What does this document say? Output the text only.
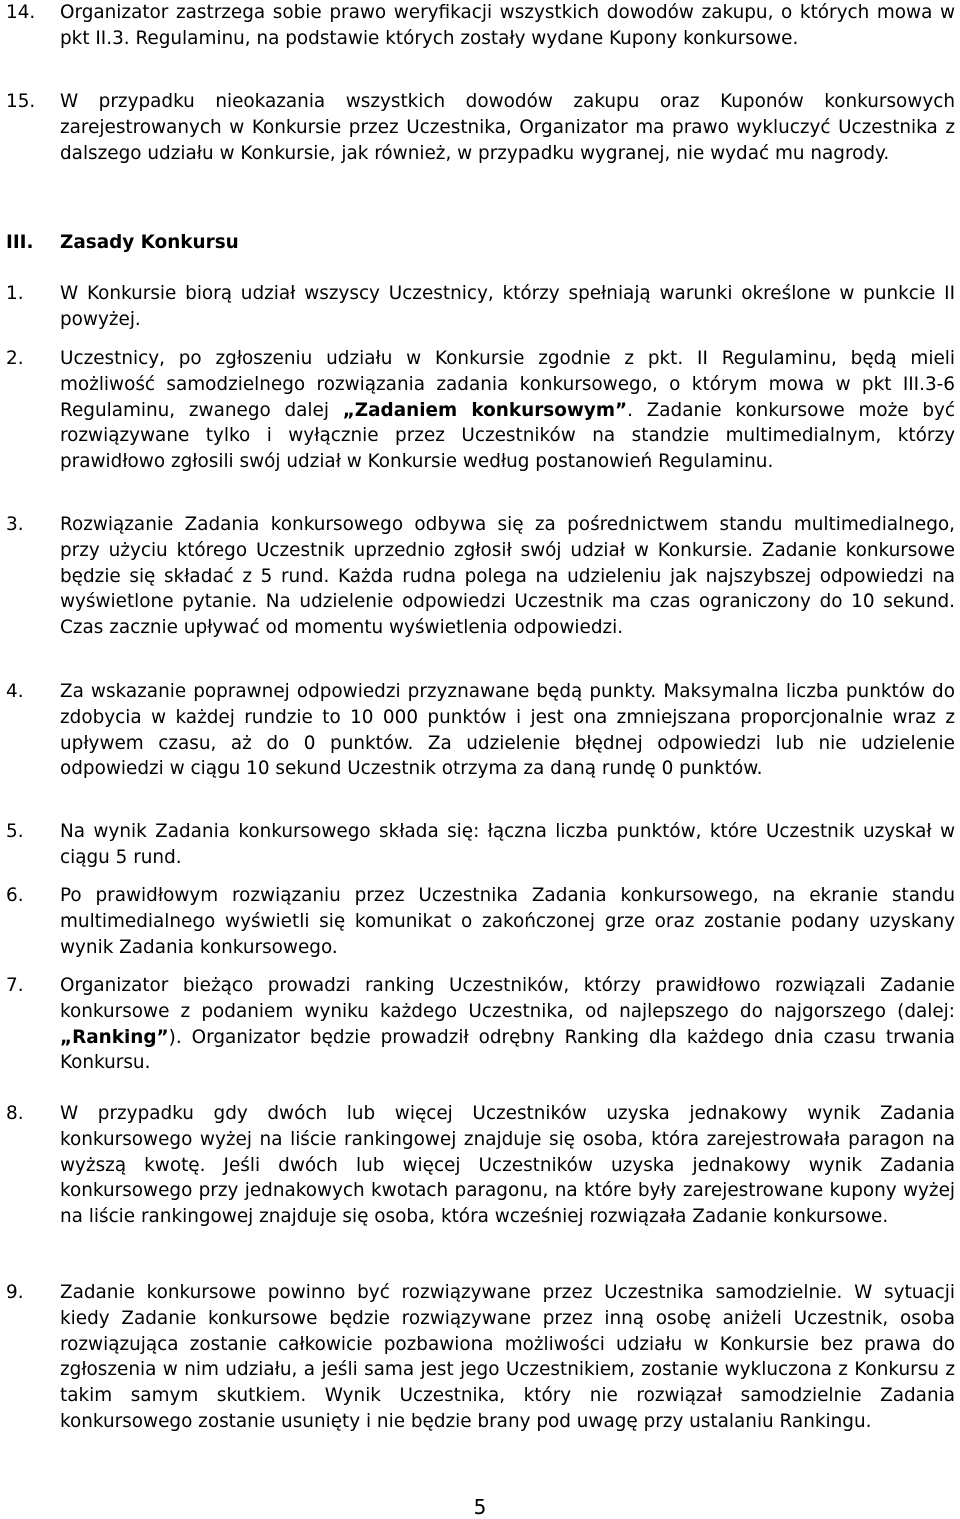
14. Organizator zastrzega sobie prawo weryfikacji wszystkich dowodów zakupu, o których mowa w pkt II.3. Regulaminu, na podstawie których zostały wydane Kupony konkursowe.
15. W przypadku nieokazania wszystkich dowodów zakupu oraz Kuponów konkursowych zarejestrowanych w Konkursie przez Uczestnika, Organizator ma prawo wykluczyć Uczestnika z dalszego udziału w Konkursie, jak również, w przypadku wygranej, nie wydać mu nagrody.
III. Zasady Konkursu
1. W Konkursie biorą udział wszyscy Uczestnicy, którzy spełniają warunki określone w punkcie II powyżej.
2. Uczestnicy, po zgłoszeniu udziału w Konkursie zgodnie z pkt. II Regulaminu, będą mieli możliwość samodzielnego rozwiązania zadania konkursowego, o którym mowa w pkt III.3-6 Regulaminu, zwanego dalej „Zadaniem konkursowym”. Zadanie konkursowe może być rozwiązywane tylko i wyłącznie przez Uczestników na standzie multimedialnym, którzy prawidłowo zgłosili swój udział w Konkursie według postanowień Regulaminu.
3. Rozwiązanie Zadania konkursowego odbywa się za pośrednictwem standu multimedialnego, przy użyciu którego Uczestnik uprzednio zgłosił swój udział w Konkursie. Zadanie konkursowe będzie się składać z 5 rund. Każda rudna polega na udzieleniu jak najszybszej odpowiedzi na wyświetlone pytanie. Na udzielenie odpowiedzi Uczestnik ma czas ograniczony do 10 sekund. Czas zacznie upływać od momentu wyświetlenia odpowiedzi.
4. Za wskazanie poprawnej odpowiedzi przyznawane będą punkty. Maksymalna liczba punktów do zdobycia w każdej rundzie to 10 000 punktów i jest ona zmniejszana proporcjonalnie wraz z upływem czasu, aż do 0 punktów. Za udzielenie błędnej odpowiedzi lub nie udzielenie odpowiedzi w ciągu 10 sekund Uczestnik otrzyma za daną rundę 0 punktów.
5. Na wynik Zadania konkursowego składa się: łączna liczba punktów, które Uczestnik uzyskał w ciągu 5 rund.
6. Po prawidłowym rozwiązaniu przez Uczestnika Zadania konkursowego, na ekranie standu multimedialnego wyświetli się komunikat o zakończonej grze oraz zostanie podany uzyskany wynik Zadania konkursowego.
7. Organizator bieżąco prowadzi ranking Uczestników, którzy prawidłowo rozwiązali Zadanie konkursowe z podaniem wyniku każdego Uczestnika, od najlepszego do najgorszego (dalej: „Ranking”). Organizator będzie prowadził odrębny Ranking dla każdego dnia czasu trwania Konkursu.
8. W przypadku gdy dwóch lub więcej Uczestników uzyska jednakowy wynik Zadania konkursowego wyżej na liście rankingowej znajduje się osoba, która zarejestrowała paragon na wyższą kwotę. Jeśli dwóch lub więcej Uczestników uzyska jednakowy wynik Zadania konkursowego przy jednakowych kwotach paragonu, na które były zarejestrowane kupony wyżej na liście rankingowej znajduje się osoba, która wcześniej rozwiązała Zadanie konkursowe.
9. Zadanie konkursowe powinno być rozwiązywane przez Uczestnika samodzielnie. W sytuacji kiedy Zadanie konkursowe będzie rozwiązywane przez inną osobę aniżeli Uczestnik, osoba rozwiązująca zostanie całkowicie pozbawiona możliwości udziału w Konkursie bez prawa do zgłoszenia w nim udziału, a jeśli sama jest jego Uczestnikiem, zostanie wykluczona z Konkursu z takim samym skutkiem. Wynik Uczestnika, który nie rozwiązał samodzielnie Zadania konkursowego zostanie usunięty i nie będzie brany pod uwagę przy ustalaniu Rankingu.
5
